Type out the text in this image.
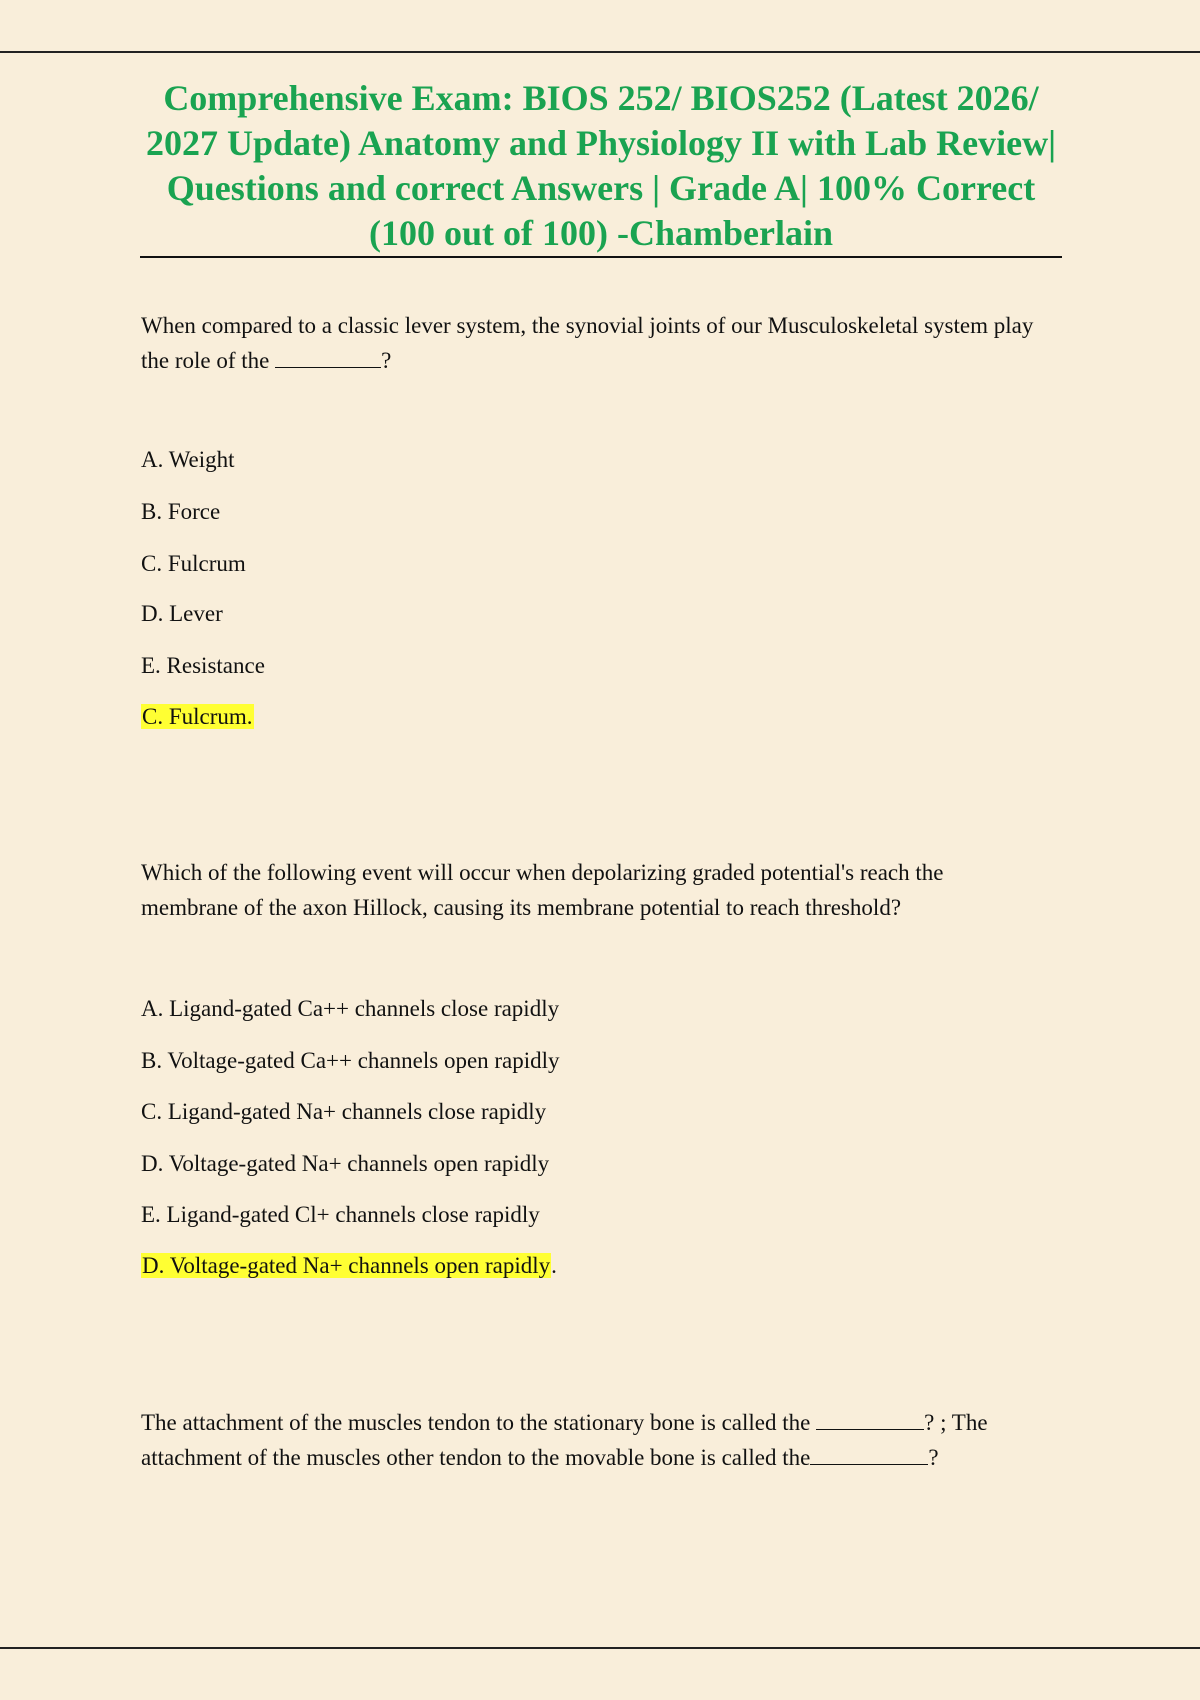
Comprehensive Exam: BIOS 252/ BIOS252 (Latest 2026/
2027 Update) Anatomy and Physiology II with Lab Review|
Questions and correct Answers | Grade A| 100% Correct
(100 out of 100) -Chamberlain

When compared to a classic lever system, the synovial joints of our Musculoskeletal system play

the role of the	?

A. Weight
B. Force
C. Fulcrum
D. Lever
E. Resistance
C. Fulcrum.

Which of the following event will occur when depolarizing graded potential's reach the

membrane of the axon Hillock, causing its membrane potential to reach threshold?

A. Ligand-gated Ca++ channels close rapidly
B. Voltage-gated Ca++ channels open rapidly
C. Ligand-gated Na+ channels close rapidly
D. Voltage-gated Na+ channels open rapidly
E. Ligand-gated Cl+ channels close rapidly
D. Voltage-gated Na+ channels open rapidly.

The attachment of the muscles tendon to the stationary bone is called the	? ; The

attachment of the muscles other tendon to the movable bone is called the	?
